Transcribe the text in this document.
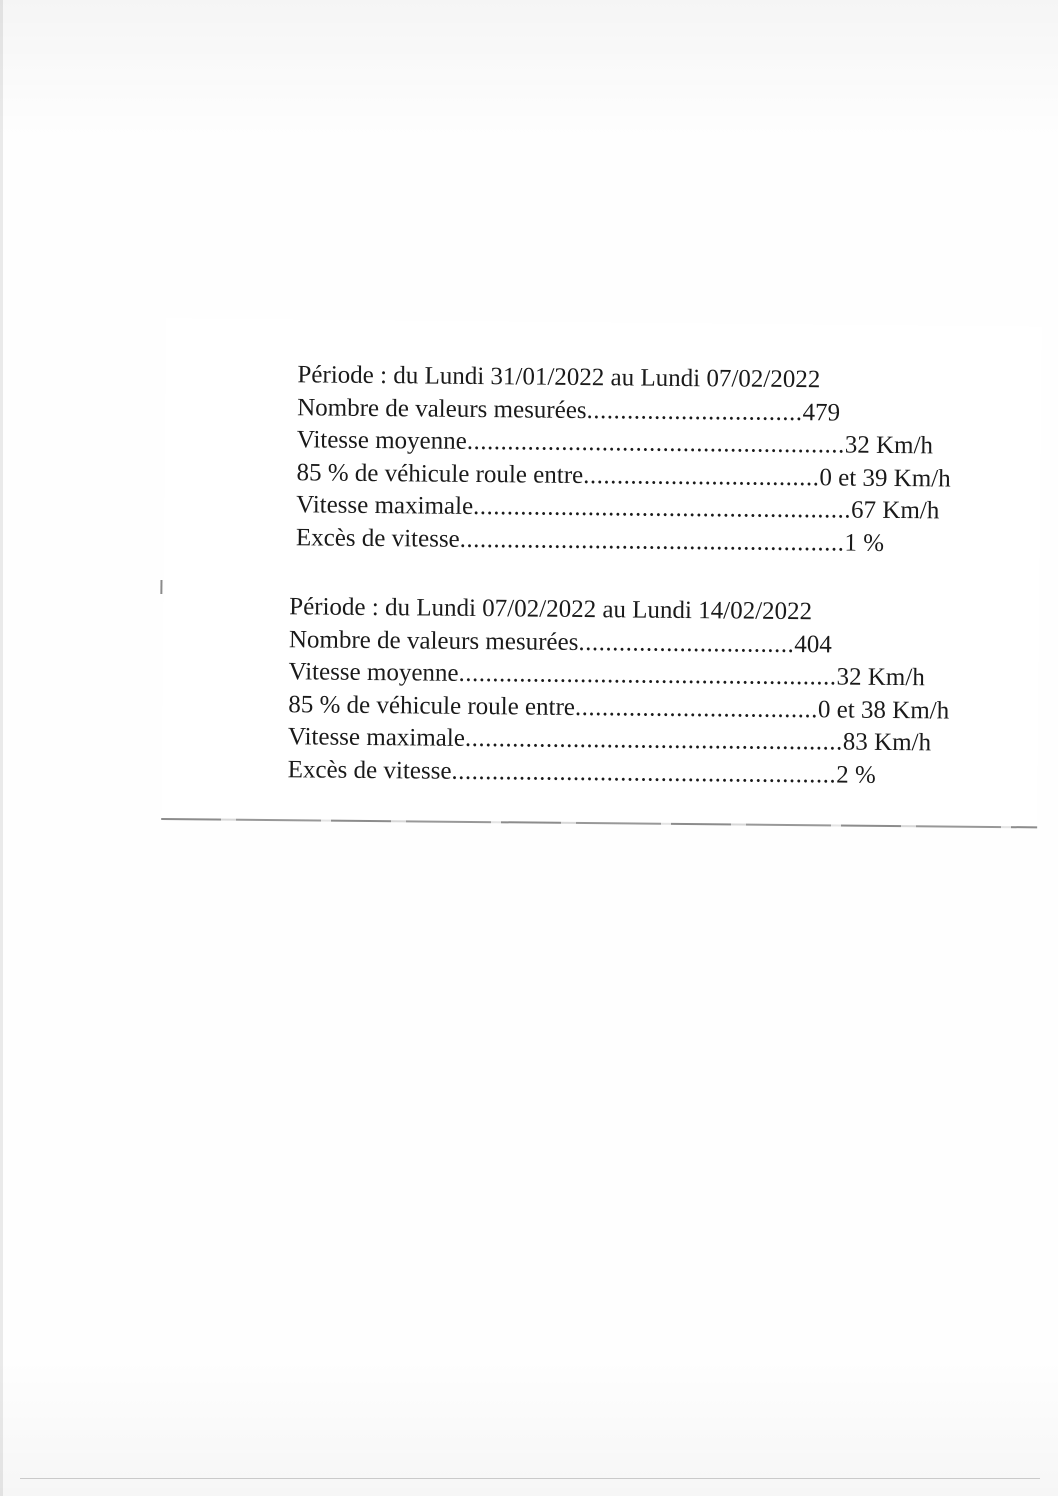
Période : du Lundi 31/01/2022 au Lundi 07/02/2022
Nombre de valeurs mesurées ................................ 479
Vitesse moyenne ........................................................ 32 Km/h
85 % de véhicule roule entre ................................... 0 et 39 Km/h
Vitesse maximale ........................................................ 67 Km/h
Excès de vitesse ......................................................... 1 %
Période : du Lundi 07/02/2022 au Lundi 14/02/2022
Nombre de valeurs mesurées ................................ 404
Vitesse moyenne ........................................................ 32 Km/h
85 % de véhicule roule entre .................................... 0 et 38 Km/h
Vitesse maximale ........................................................ 83 Km/h
Excès de vitesse ......................................................... 2 %
